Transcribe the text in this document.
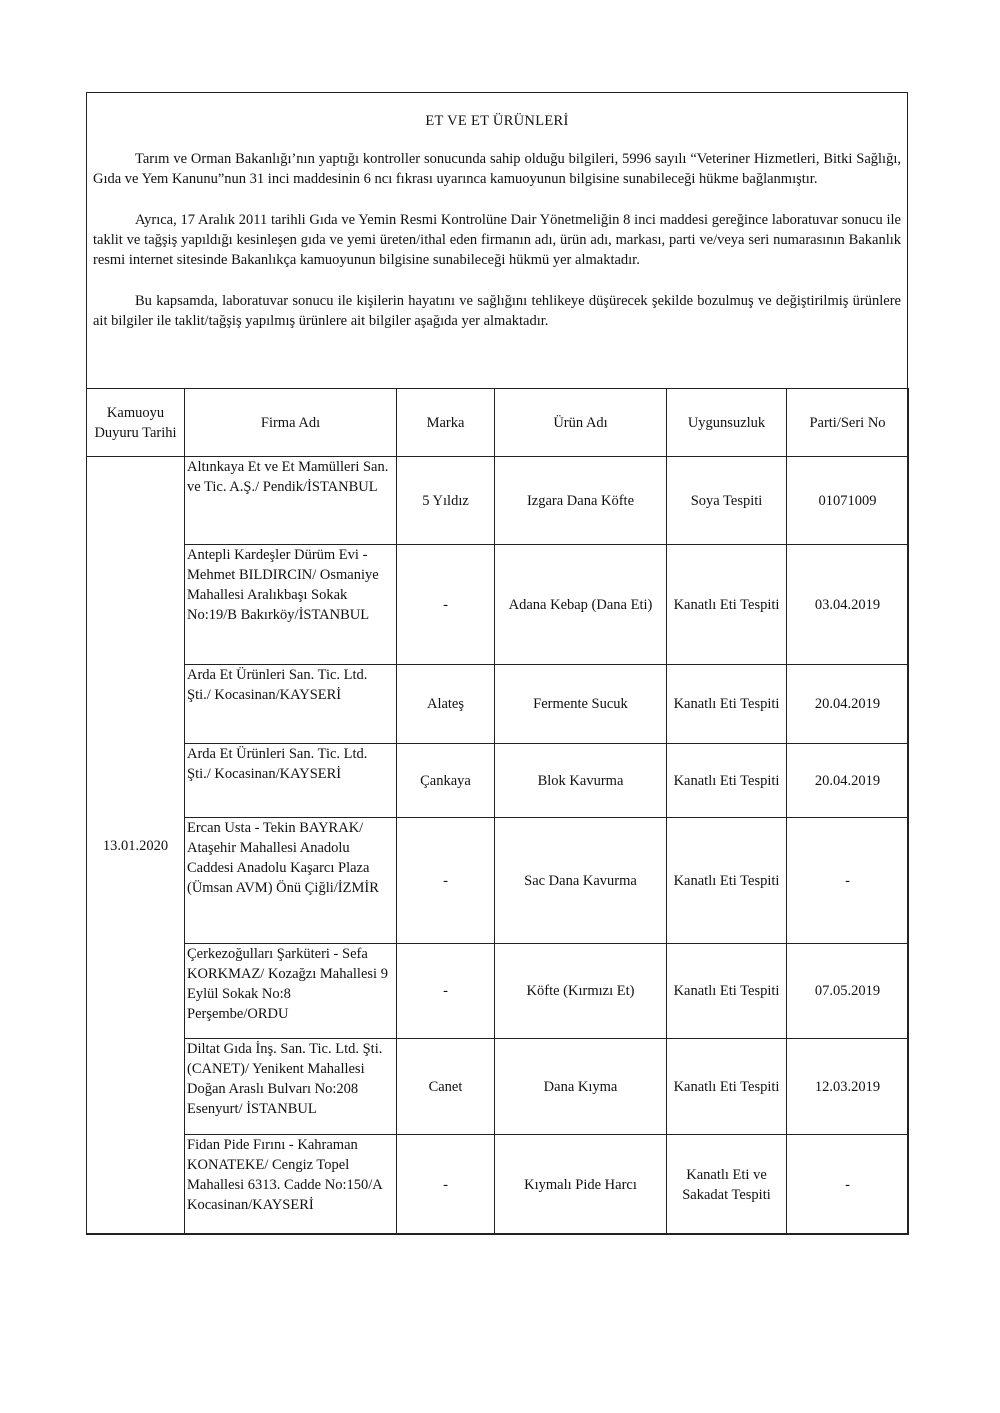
ET VE ET ÜRÜNLERİ

Tarım ve Orman Bakanlığı’nın yaptığı kontroller sonucunda sahip olduğu bilgileri, 5996 sayılı “Veteriner Hizmetleri, Bitki Sağlığı, Gıda ve Yem Kanunu”nun 31 inci maddesinin 6 ncı fıkrası uyarınca kamuoyunun bilgisine sunabileceği hükme bağlanmıştır.

Ayrıca, 17 Aralık 2011 tarihli Gıda ve Yemin Resmi Kontrolüne Dair Yönetmeliğin 8 inci maddesi gereğince laboratuvar sonucu ile taklit ve tağşiş yapıldığı kesinleşen gıda ve yemi üreten/ithal eden firmanın adı, ürün adı, markası, parti ve/veya seri numarasının Bakanlık resmi internet sitesinde Bakanlıkça kamuoyunun bilgisine sunabileceği hükmü yer almaktadır.

Bu kapsamda, laboratuvar sonucu ile kişilerin hayatını ve sağlığını tehlikeye düşürecek şekilde bozulmuş ve değiştirilmiş ürünlere ait bilgiler ile taklit/tağşiş yapılmış ürünlere ait bilgiler aşağıda yer almaktadır.

Kamuoyu Duyuru Tarihi	Firma Adı	Marka	Ürün Adı	Uygunsuzluk	Parti/Seri No
13.01.2020	Altınkaya Et ve Et Mamülleri San. ve Tic. A.Ş./ Pendik/İSTANBUL	5 Yıldız	Izgara Dana Köfte	Soya Tespiti	01071009
	Antepli Kardeşler Dürüm Evi - Mehmet BILDIRCIN/ Osmaniye Mahallesi Aralıkbaşı Sokak No:19/B Bakırköy/İSTANBUL	-	Adana Kebap (Dana Eti)	Kanatlı Eti Tespiti	03.04.2019
	Arda Et Ürünleri San. Tic. Ltd. Şti./ Kocasinan/KAYSERİ	Alateş	Fermente Sucuk	Kanatlı Eti Tespiti	20.04.2019
	Arda Et Ürünleri San. Tic. Ltd. Şti./ Kocasinan/KAYSERİ	Çankaya	Blok Kavurma	Kanatlı Eti Tespiti	20.04.2019
	Ercan Usta - Tekin BAYRAK/ Ataşehir Mahallesi Anadolu Caddesi Anadolu Kaşarcı Plaza (Ümsan AVM) Önü Çiğli/İZMİR	-	Sac Dana Kavurma	Kanatlı Eti Tespiti	-
	Çerkezoğulları Şarküteri - Sefa KORKMAZ/ Kozağzı Mahallesi 9 Eylül Sokak No:8 Perşembe/ORDU	-	Köfte (Kırmızı Et)	Kanatlı Eti Tespiti	07.05.2019
	Diltat Gıda İnş. San. Tic. Ltd. Şti. (CANET)/ Yenikent Mahallesi Doğan Araslı Bulvarı No:208 Esenyurt/ İSTANBUL	Canet	Dana Kıyma	Kanatlı Eti Tespiti	12.03.2019
	Fidan Pide Fırını - Kahraman KONATEKE/ Cengiz Topel Mahallesi 6313. Cadde No:150/A Kocasinan/KAYSERİ	-	Kıymalı Pide Harcı	Kanatlı Eti ve Sakadat Tespiti	-
